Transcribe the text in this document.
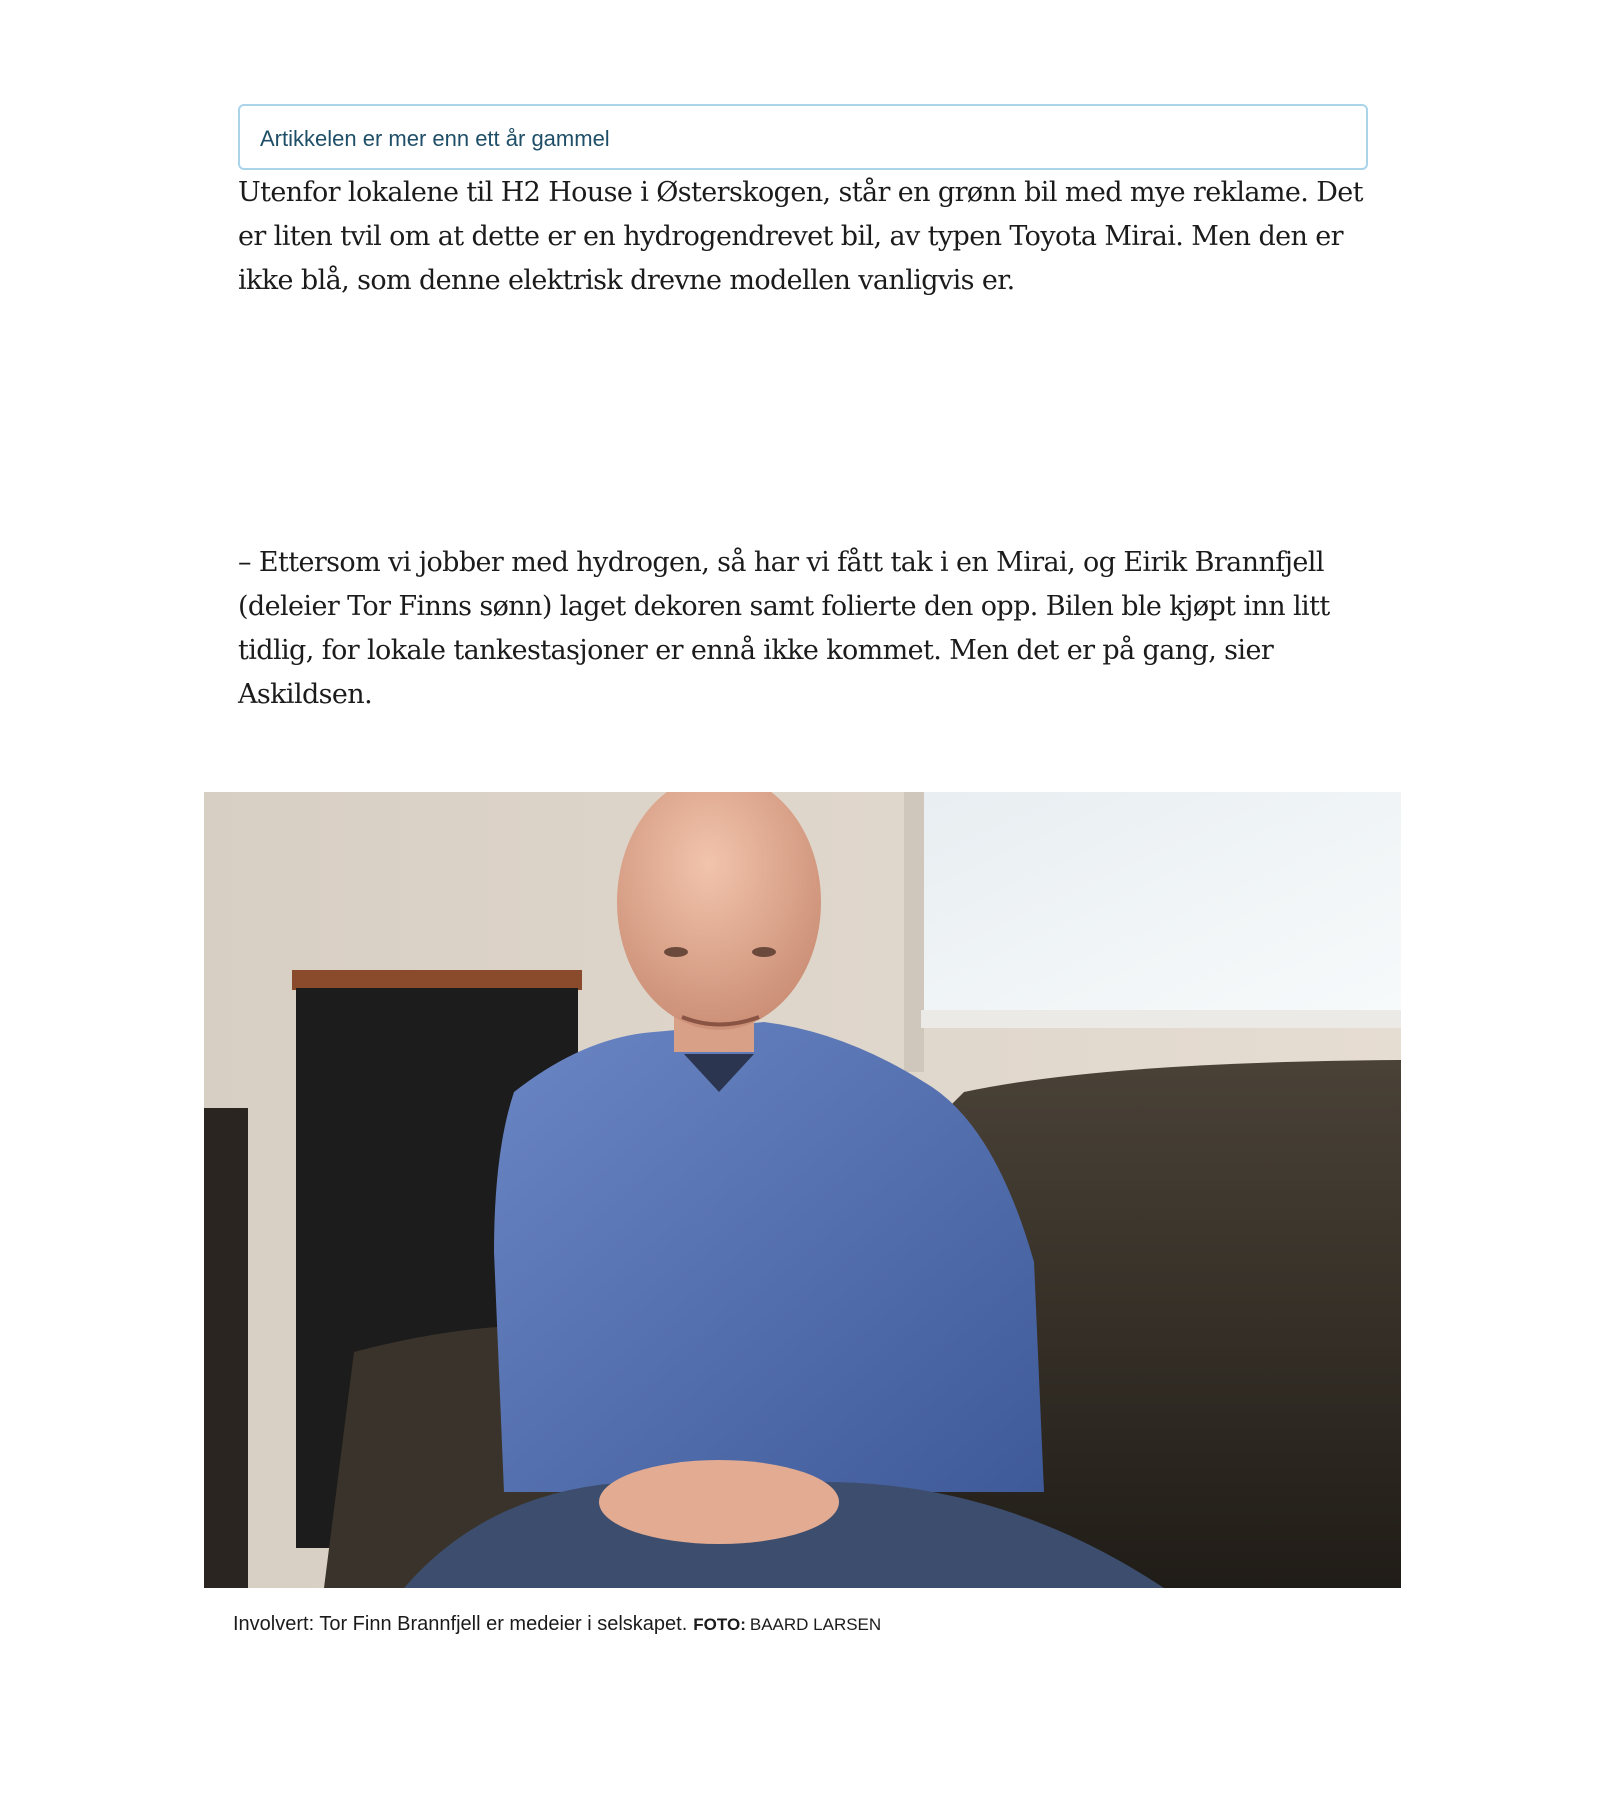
Artikkelen er mer enn ett år gammel

Utenfor lokalene til H2 House i Østerskogen, står en grønn bil med mye reklame. Det er liten tvil om at dette er en hydrogendrevet bil, av typen Toyota Mirai. Men den er ikke blå, som denne elektrisk drevne modellen vanligvis er.

– Ettersom vi jobber med hydrogen, så har vi fått tak i en Mirai, og Eirik Brannfjell (deleier Tor Finns sønn) laget dekoren samt folierte den opp. Bilen ble kjøpt inn litt tidlig, for lokale tankestasjoner er ennå ikke kommet. Men det er på gang, sier Askildsen.

Involvert: Tor Finn Brannfjell er medeier i selskapet. FOTO: BAARD LARSEN
